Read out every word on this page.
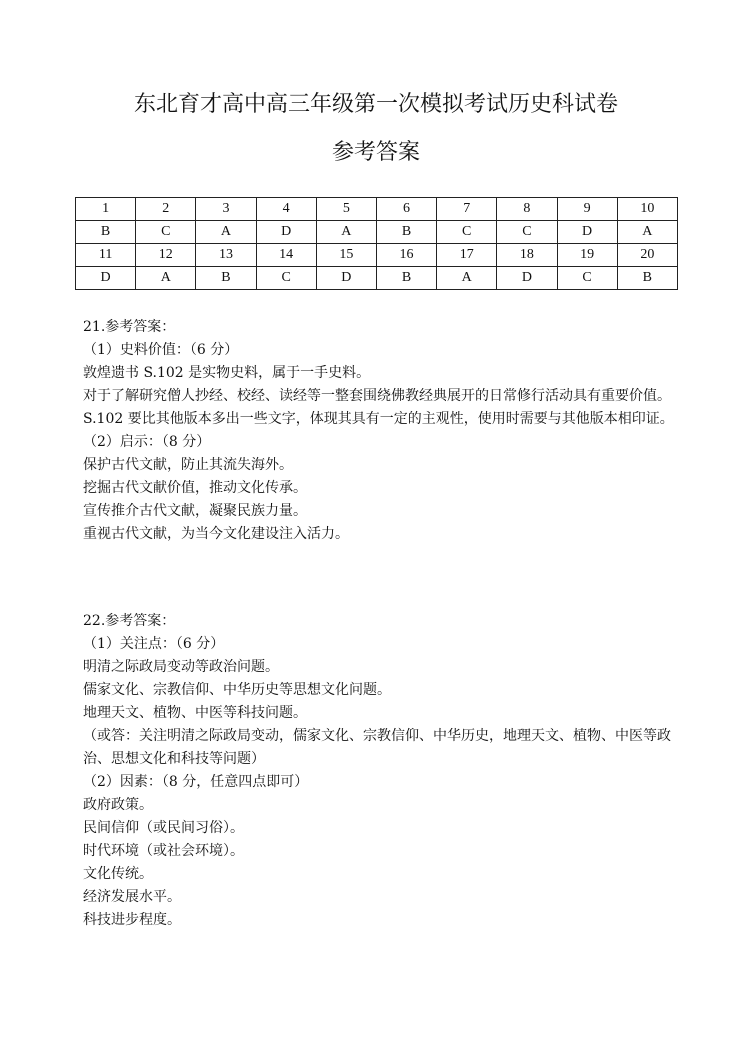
东北育才高中高三年级第一次模拟考试历史科试卷
参考答案
1	2	3	4	5	6	7	8	9	10
B	C	A	D	A	B	C	C	D	A
11	12	13	14	15	16	17	18	19	20
D	A	B	C	D	B	A	D	C	B
21.参考答案：
（1）史料价值：（6 分）
敦煌遗书 S.102 是实物史料，属于一手史料。
对于了解研究僧人抄经、校经、读经等一整套围绕佛教经典展开的日常修行活动具有重要价值。
S.102 要比其他版本多出一些文字，体现其具有一定的主观性，使用时需要与其他版本相印证。
（2）启示：（8 分）
保护古代文献，防止其流失海外。
挖掘古代文献价值，推动文化传承。
宣传推介古代文献，凝聚民族力量。
重视古代文献，为当今文化建设注入活力。
22.参考答案：
（1）关注点：（6 分）
明清之际政局变动等政治问题。
儒家文化、宗教信仰、中华历史等思想文化问题。
地理天文、植物、中医等科技问题。
（或答：关注明清之际政局变动，儒家文化、宗教信仰、中华历史，地理天文、植物、中医等政治、思想文化和科技等问题）
（2）因素：（8 分，任意四点即可）
政府政策。
民间信仰（或民间习俗）。
时代环境（或社会环境）。
文化传统。
经济发展水平。
科技进步程度。
